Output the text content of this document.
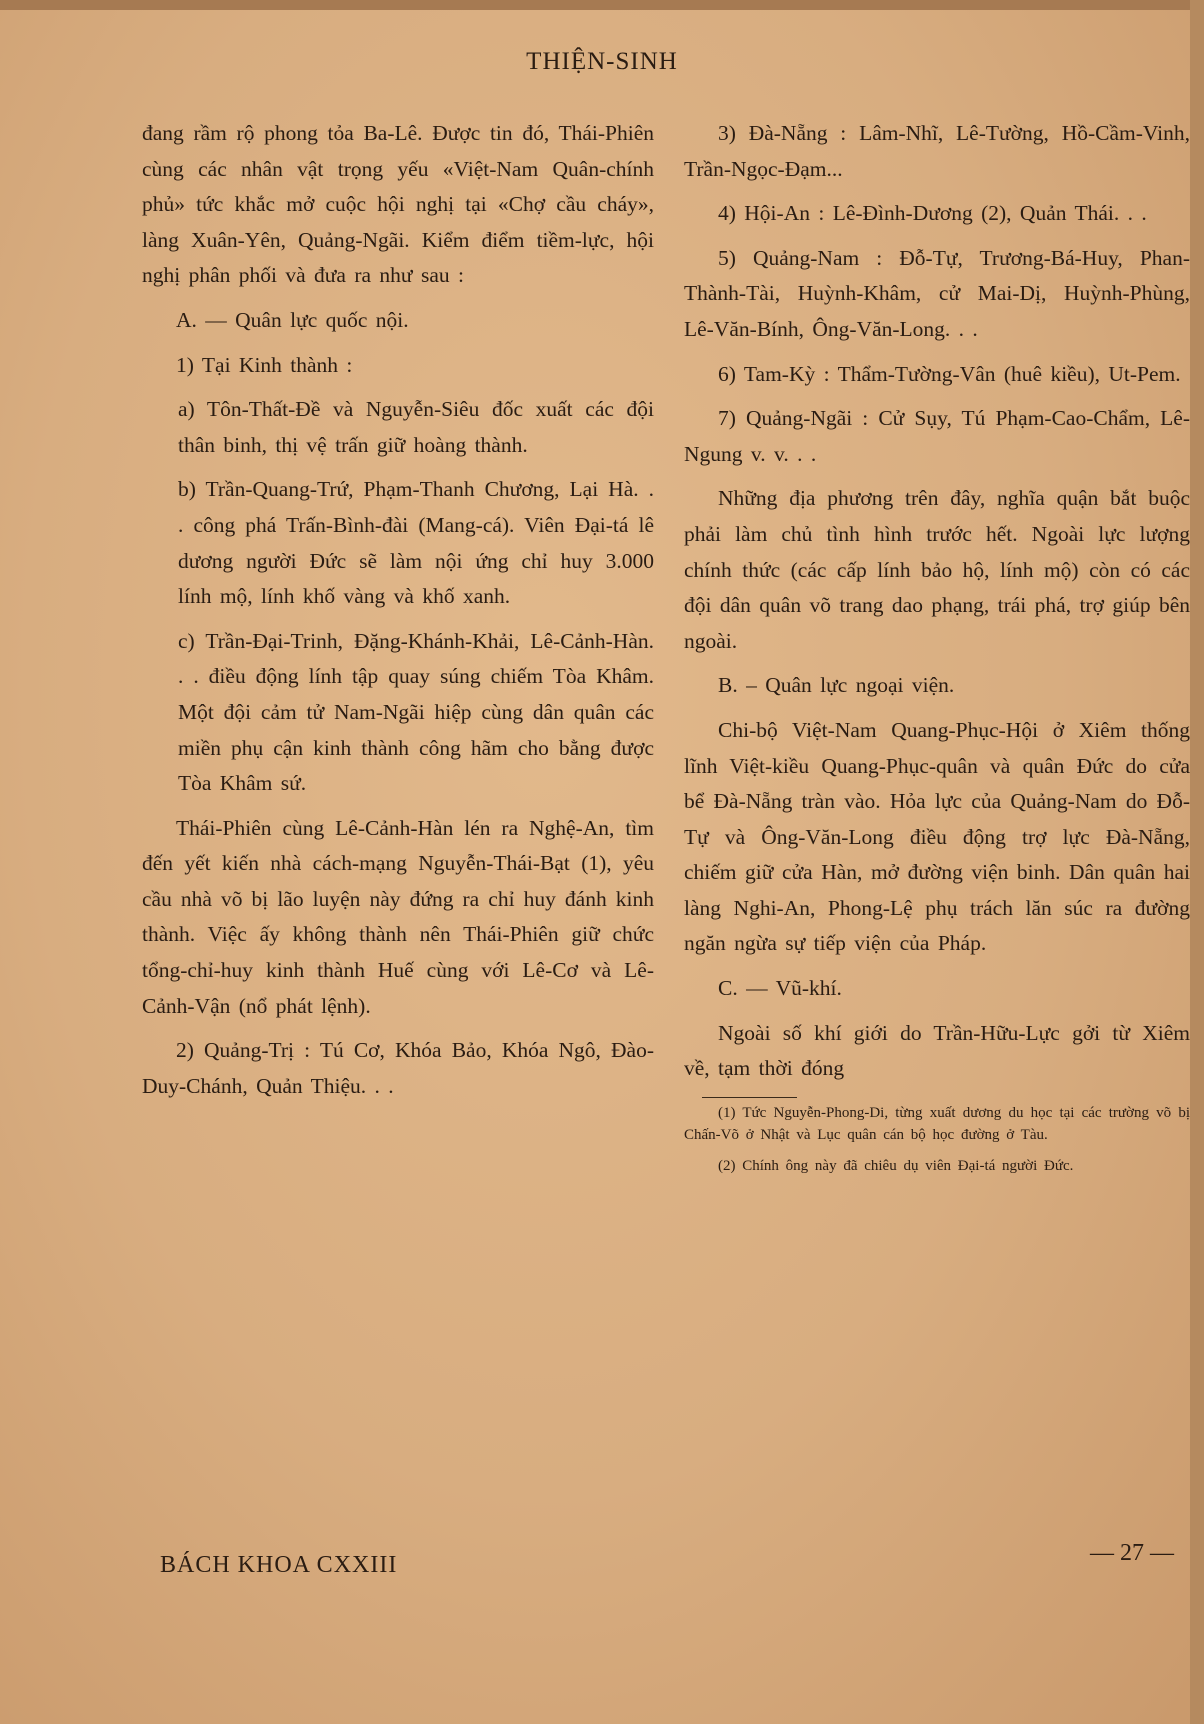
THIỆN-SINH

đang rầm rộ phong tỏa Ba-Lê. Được tin đó, Thái-Phiên cùng các nhân vật trọng yếu «Việt-Nam Quân-chính phủ» tức khắc mở cuộc hội nghị tại «Chợ cầu cháy», làng Xuân-Yên, Quảng-Ngãi. Kiểm điểm tiềm-lực, hội nghị phân phối và đưa ra như sau :

A. — Quân lực quốc nội.

1) Tại Kinh thành :

a) Tôn-Thất-Đề và Nguyễn-Siêu đốc xuất các đội thân binh, thị vệ trấn giữ hoàng thành.

b) Trần-Quang-Trứ, Phạm-Thanh Chương, Lại Hà. . . công phá Trấn-Bình-đài (Mang-cá). Viên Đại-tá lê dương người Đức sẽ làm nội ứng chỉ huy 3.000 lính mộ, lính khố vàng và khố xanh.

c) Trần-Đại-Trinh, Đặng-Khánh-Khải, Lê-Cảnh-Hàn. . . điều động lính tập quay súng chiếm Tòa Khâm. Một đội cảm tử Nam-Ngãi hiệp cùng dân quân các miền phụ cận kinh thành công hãm cho bằng được Tòa Khâm sứ.

Thái-Phiên cùng Lê-Cảnh-Hàn lén ra Nghệ-An, tìm đến yết kiến nhà cách-mạng Nguyễn-Thái-Bạt (1), yêu cầu nhà võ bị lão luyện này đứng ra chỉ huy đánh kinh thành. Việc ấy không thành nên Thái-Phiên giữ chức tổng-chỉ-huy kinh thành Huế cùng với Lê-Cơ và Lê-Cảnh-Vận (nổ phát lệnh).

2) Quảng-Trị : Tú Cơ, Khóa Bảo, Khóa Ngô, Đào-Duy-Chánh, Quản Thiệu. . .

3) Đà-Nẵng : Lâm-Nhĩ, Lê-Tường, Hồ-Cầm-Vinh, Trần-Ngọc-Đạm...

4) Hội-An : Lê-Đình-Dương (2), Quản Thái. . .

5) Quảng-Nam : Đỗ-Tự, Trương-Bá-Huy, Phan-Thành-Tài, Huỳnh-Khâm, cử Mai-Dị, Huỳnh-Phùng, Lê-Văn-Bính, Ông-Văn-Long. . .

6) Tam-Kỳ : Thẩm-Tường-Vân (huê kiều), Ut-Pem.

7) Quảng-Ngãi : Cử Sụy, Tú Phạm-Cao-Chẩm, Lê-Ngung v. v. . .

Những địa phương trên đây, nghĩa quận bắt buộc phải làm chủ tình hình trước hết. Ngoài lực lượng chính thức (các cấp lính bảo hộ, lính mộ) còn có các đội dân quân võ trang dao phạng, trái phá, trợ giúp bên ngoài.

B. – Quân lực ngoại viện.

Chi-bộ Việt-Nam Quang-Phục-Hội ở Xiêm thống lĩnh Việt-kiều Quang-Phục-quân và quân Đức do cửa bể Đà-Nẵng tràn vào. Hỏa lực của Quảng-Nam do Đỗ-Tự và Ông-Văn-Long điều động trợ lực Đà-Nẵng, chiếm giữ cửa Hàn, mở đường viện binh. Dân quân hai làng Nghi-An, Phong-Lệ phụ trách lăn súc ra đường ngăn ngừa sự tiếp viện của Pháp.

C. — Vũ-khí.

Ngoài số khí giới do Trần-Hữu-Lực gởi từ Xiêm về, tạm thời đóng

(1) Tức Nguyễn-Phong-Di, từng xuất dương du học tại các trường võ bị Chấn-Võ ở Nhật và Lục quân cán bộ học đường ở Tàu.

(2) Chính ông này đã chiêu dụ viên Đại-tá người Đức.

BÁCH KHOA CXXIII	— 27 —
